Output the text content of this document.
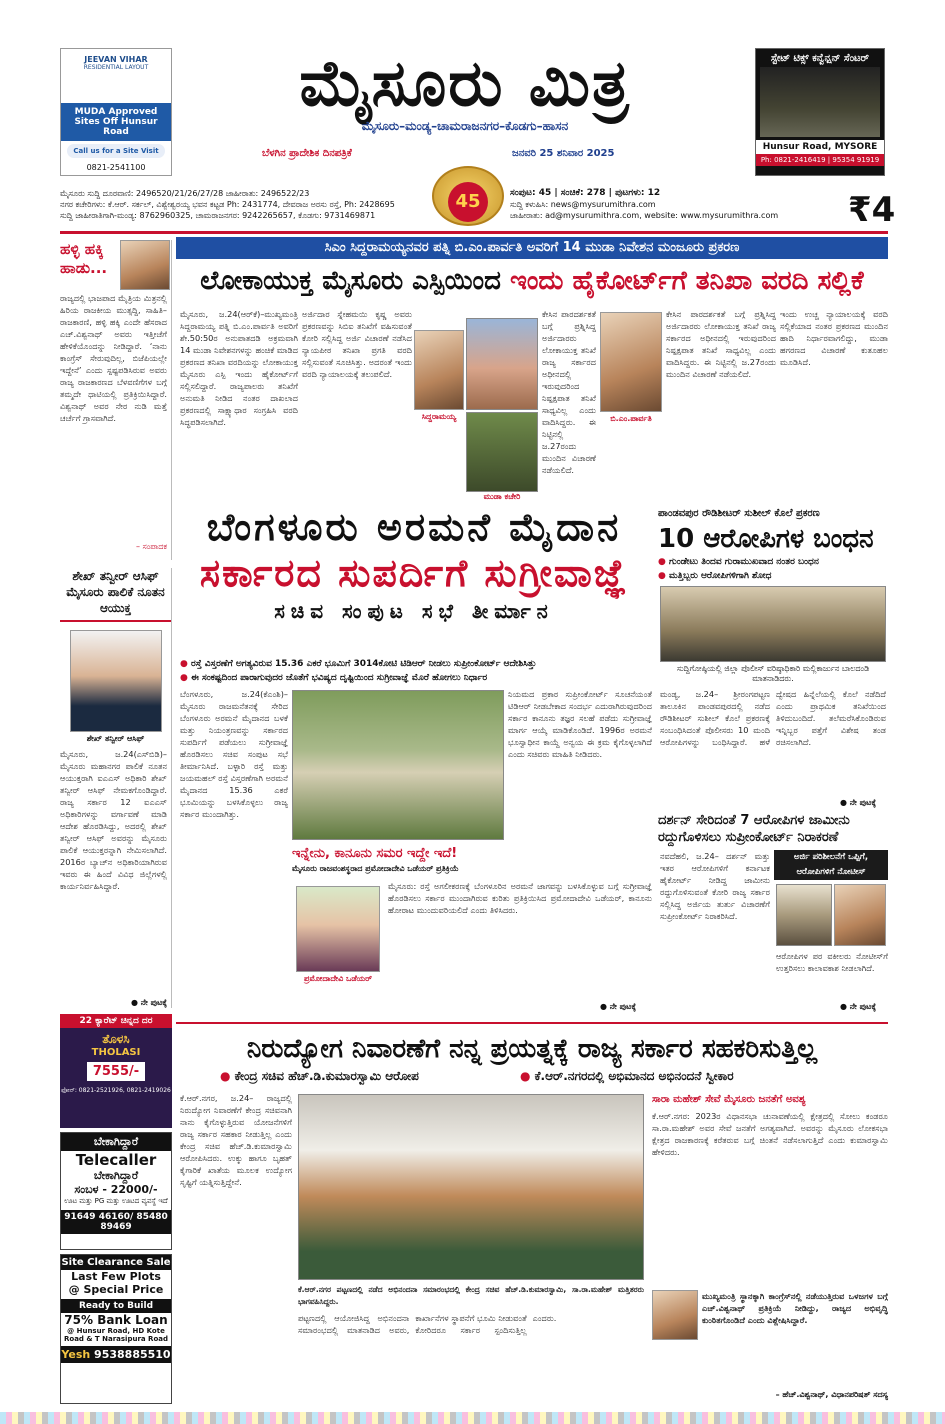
JEEVAN VIHAR
RESIDENTIAL LAYOUT
MUDA Approved Sites Off Hunsur Road
Call us for a Site Visit
0821-2541100
ಮೈಸೂರು ಮಿತ್ರ
ಮೈಸೂರು–ಮಂಡ್ಯ–ಚಾಮರಾಜನಗರ–ಕೊಡಗು–ಹಾಸನ
ಬೆಳಗಿನ ಪ್ರಾದೇಶಿಕ ದಿನಪತ್ರಿಕೆ	ಜನವರಿ 25 ಶನಿವಾರ 2025
ಸ್ಟೇಟ್ ಟಿಕ್ಸ್ ಕನ್ವೆನ್ಷನ್ ಸೆಂಟರ್
Hunsur Road, MYSORE
Ph: 0821-2416419 | 95354 91919
45
ಮೈಸೂರು ಸುದ್ದಿ ದೂರವಾಣಿ: 2496520/21/26/27/28 ಜಾಹೀರಾತು: 2496522/23
ನಗರ ಕಚೇರಿಗಳು: ಕೆ.ಆರ್. ಸರ್ಕಲ್, ವಿಶ್ವೇಶ್ವರಯ್ಯ ಭವನ ಕಟ್ಟಡ Ph: 2431774, ದೇವರಾಜ ಅರಸು ರಸ್ತೆ, Ph: 2428695
ಸುದ್ದಿ ಜಾಹೀರಾತಿಗಾಗಿ-ಮಂಡ್ಯ: 8762960325, ಚಾಮರಾಜನಗರ: 9242265657, ಕೊಡಗು: 9731469871
ಸಂಪುಟ: 45 | ಸಂಚಿಕೆ: 278 | ಪುಟಗಳು: 12
ಸುದ್ದಿ ಕಳುಹಿಸಿ: news@mysurumithra.com
ಜಾಹೀರಾತು: ad@mysurumithra.com, website: www.mysurumithra.com	₹4
ಸಿಎಂ ಸಿದ್ದರಾಮಯ್ಯನವರ ಪತ್ನಿ ಬಿ.ಎಂ.ಪಾರ್ವತಿ ಅವರಿಗೆ 14 ಮುಡಾ ನಿವೇಶನ ಮಂಜೂರು ಪ್ರಕರಣ
ಲೋಕಾಯುಕ್ತ ಮೈಸೂರು ಎಸ್ಪಿಯಿಂದ ಇಂದು ಹೈಕೋರ್ಟ್‌ಗೆ ತನಿಖಾ ವರದಿ ಸಲ್ಲಿಕೆ
ಮೈಸೂರು, ಜ.24(ಆರ್‌ಕೆ)–ಮುಖ್ಯಮಂತ್ರಿ ಸಿದ್ದರಾಮಯ್ಯ ಪತ್ನಿ ಬಿ.ಎಂ.ಪಾರ್ವತಿ ಅವರಿಗೆ ಶೇ.50:50ರ ಅನುಪಾತದಡಿ ಅಕ್ರಮವಾಗಿ 14 ಮುಡಾ ನಿವೇಶನಗಳನ್ನು ಹಂಚಿಕೆ ಮಾಡಿದ ಪ್ರಕರಣದ ತನಿಖಾ ವರದಿಯನ್ನು ಲೋಕಾಯುಕ್ತ ಮೈಸೂರು ಎಸ್ಪಿ ಇಂದು ಹೈಕೋರ್ಟ್‌ಗೆ ಸಲ್ಲಿಸಲಿದ್ದಾರೆ. ರಾಜ್ಯಪಾಲರು ತನಿಖೆಗೆ ಅನುಮತಿ ನೀಡಿದ ನಂತರ ದಾಖಲಾದ ಪ್ರಕರಣದಲ್ಲಿ ಸಾಕ್ಷ್ಯಾಧಾರ ಸಂಗ್ರಹಿಸಿ ವರದಿ ಸಿದ್ಧಪಡಿಸಲಾಗಿದೆ.
ಅರ್ಜಿದಾರ ಸ್ನೇಹಮಯಿ ಕೃಷ್ಣ ಅವರು ಪ್ರಕರಣವನ್ನು ಸಿಬಿಐ ತನಿಖೆಗೆ ವಹಿಸುವಂತೆ ಕೋರಿ ಸಲ್ಲಿಸಿದ್ದ ಅರ್ಜಿ ವಿಚಾರಣೆ ನಡೆಸಿದ ನ್ಯಾಯಪೀಠ ತನಿಖಾ ಪ್ರಗತಿ ವರದಿ ಸಲ್ಲಿಸುವಂತೆ ಸೂಚಿಸಿತ್ತು. ಅದರಂತೆ ಇಂದು ವರದಿ ನ್ಯಾಯಾಲಯಕ್ಕೆ ತಲುಪಲಿದೆ.
ಸಿದ್ದರಾಮಯ್ಯ
ಮುಡಾ ಕಚೇರಿ
ಬಿ.ಎಂ.ಪಾರ್ವತಿ
ಕೇಸಿನ ಪಾರದರ್ಶಕತೆ ಬಗ್ಗೆ ಪ್ರಶ್ನಿಸಿದ್ದ ಅರ್ಜಿದಾರರು ಲೋಕಾಯುಕ್ತ ತನಿಖೆ ರಾಜ್ಯ ಸರ್ಕಾರದ ಅಧೀನದಲ್ಲಿ ಇರುವುದರಿಂದ ನಿಷ್ಪಕ್ಷಪಾತ ತನಿಖೆ ಸಾಧ್ಯವಿಲ್ಲ ಎಂದು ವಾದಿಸಿದ್ದರು. ಈ ನಿಟ್ಟಿನಲ್ಲಿ ಜ.27ರಂದು ಮುಂದಿನ ವಿಚಾರಣೆ ನಡೆಯಲಿದೆ.
ಕೇಸಿನ ಪಾರದರ್ಶಕತೆ ಬಗ್ಗೆ ಪ್ರಶ್ನಿಸಿದ್ದ ಅರ್ಜಿದಾರರು ಲೋಕಾಯುಕ್ತ ತನಿಖೆ ರಾಜ್ಯ ಸರ್ಕಾರದ ಅಧೀನದಲ್ಲಿ ಇರುವುದರಿಂದ ನಿಷ್ಪಕ್ಷಪಾತ ತನಿಖೆ ಸಾಧ್ಯವಿಲ್ಲ ಎಂದು ವಾದಿಸಿದ್ದರು. ಈ ನಿಟ್ಟಿನಲ್ಲಿ ಜ.27ರಂದು ಮುಂದಿನ ವಿಚಾರಣೆ ನಡೆಯಲಿದೆ.
ಇಂದು ಉಚ್ಚ ನ್ಯಾಯಾಲಯಕ್ಕೆ ವರದಿ ಸಲ್ಲಿಕೆಯಾದ ನಂತರ ಪ್ರಕರಣದ ಮುಂದಿನ ಹಾದಿ ನಿರ್ಧಾರವಾಗಲಿದ್ದು, ಮುಡಾ ಹಗರಣದ ವಿಚಾರಣೆ ಕುತೂಹಲ ಮೂಡಿಸಿದೆ.
ಹಳ್ಳಿ ಹಕ್ಕಿ ಹಾಡು...
ರಾಜ್ಯದಲ್ಲಿ ಭಾಜಪಾದ ಮೈತ್ರಿಯ ಮಿತ್ರನಲ್ಲಿ ಹಿರಿಯ ರಾಜಕೀಯ ಮುತ್ಸದ್ದಿ, ಸಾಹಿತಿ–ರಾಜಕಾರಣಿ, ಹಳ್ಳಿ ಹಕ್ಕಿ ಎಂದೇ ಹೆಸರಾದ ಎಚ್.ವಿಶ್ವನಾಥ್ ಅವರು ಇತ್ತೀಚೆಗೆ ಹೇಳಿಕೆಯೊಂದನ್ನು ನೀಡಿದ್ದಾರೆ. ‘ನಾನು ಕಾಂಗ್ರೆಸ್ ಸೇರುವುದಿಲ್ಲ, ಬಿಜೆಪಿಯಲ್ಲೇ ಇದ್ದೇನೆ’ ಎಂದು ಸ್ಪಷ್ಟಪಡಿಸಿರುವ ಅವರು ರಾಜ್ಯ ರಾಜಕಾರಣದ ಬೆಳವಣಿಗೆಗಳ ಬಗ್ಗೆ ತಮ್ಮದೇ ಧಾಟಿಯಲ್ಲಿ ಪ್ರತಿಕ್ರಿಯಿಸಿದ್ದಾರೆ. ವಿಶ್ವನಾಥ್ ಅವರ ನೇರ ನುಡಿ ಮತ್ತೆ ಚರ್ಚೆಗೆ ಗ್ರಾಸವಾಗಿದೆ.
– ಸಂಪಾದಕ
ಶೇಖ್ ತನ್ವೀರ್ ಆಸಿಫ್ ಮೈಸೂರು ಪಾಲಿಕೆ ನೂತನ ಆಯುಕ್ತ
ಶೇಖ್ ತನ್ವೀರ್ ಆಸಿಫ್
ಮೈಸೂರು, ಜ.24(ಎಸ್‌ಬಿಡಿ)–ಮೈಸೂರು ಮಹಾನಗರ ಪಾಲಿಕೆ ನೂತನ ಆಯುಕ್ತರಾಗಿ ಐಎಎಸ್ ಅಧಿಕಾರಿ ಶೇಖ್ ತನ್ವೀರ್ ಆಸಿಫ್ ನೇಮಕಗೊಂಡಿದ್ದಾರೆ. ರಾಜ್ಯ ಸರ್ಕಾರ 12 ಐಎಎಸ್ ಅಧಿಕಾರಿಗಳನ್ನು ವರ್ಗಾವಣೆ ಮಾಡಿ ಆದೇಶ ಹೊರಡಿಸಿದ್ದು, ಅದರಲ್ಲಿ ಶೇಖ್ ತನ್ವೀರ್ ಆಸಿಫ್ ಅವರನ್ನು ಮೈಸೂರು ಪಾಲಿಕೆ ಆಯುಕ್ತರನ್ನಾಗಿ ನೇಮಿಸಲಾಗಿದೆ. 2016ರ ಬ್ಯಾಚ್‌ನ ಅಧಿಕಾರಿಯಾಗಿರುವ ಇವರು ಈ ಹಿಂದೆ ವಿವಿಧ ಜಿಲ್ಲೆಗಳಲ್ಲಿ ಕಾರ್ಯನಿರ್ವಹಿಸಿದ್ದಾರೆ.
● ನೇ ಪುಟಕ್ಕೆ
22 ಕ್ಯಾರೆಟ್ ಚಿನ್ನದ ದರ
ತೊಳಸಿ
THOLASI
7555/-
ಫೋನ್: 0821-2521926, 0821-2419026
ಬೇಕಾಗಿದ್ದಾರೆ
Telecaller
ಬೇಕಾಗಿದ್ದಾರೆ
ಸಂಬಳ - 22000/-
ಊಟ ಮತ್ತು PG ಮತ್ತು ಊಟದ ವ್ಯವಸ್ಥೆ ಇದೆ
91649 46160/ 85480 89469
Site Clearance Sale
Last Few Plots
@ Special Price
Ready to Build
75% Bank Loan
@ Hunsur Road, HD Kote Road & T Narasipura Road
Yesh 9538885510
ಬೆಂಗಳೂರು ಅರಮನೆ ಮೈದಾನ
ಸರ್ಕಾರದ ಸುಪರ್ದಿಗೆ ಸುಗ್ರೀವಾಜ್ಞೆ
ಸಚಿವ ಸಂಪುಟ ಸಭೆ ತೀರ್ಮಾನ
● ರಸ್ತೆ ವಿಸ್ತರಣೆಗೆ ಅಗತ್ಯವಿರುವ 15.36 ಎಕರೆ ಭೂಮಿಗೆ 3014ಕೋಟಿ ಟಿಡಿಆರ್ ನೀಡಲು ಸುಪ್ರೀಂಕೋರ್ಟ್ ಆದೇಶಿಸಿತ್ತು
● ಈ ಸಂಕಷ್ಟದಿಂದ ಪಾರಾಗುವುದರ ಜೊತೆಗೆ ಭವಿಷ್ಯದ ದೃಷ್ಟಿಯಿಂದ ಸುಗ್ರೀವಾಜ್ಞೆ ಮೊರೆ ಹೋಗಲು ನಿರ್ಧಾರ
ಬೆಂಗಳೂರು, ಜ.24(ಕೆಎಂಶಿ)– ಮೈಸೂರು ರಾಜಮನೆತನಕ್ಕೆ ಸೇರಿದ ಬೆಂಗಳೂರು ಅರಮನೆ ಮೈದಾನದ ಬಳಕೆ ಮತ್ತು ನಿಯಂತ್ರಣವನ್ನು ಸರ್ಕಾರದ ಸುಪರ್ದಿಗೆ ಪಡೆಯಲು ಸುಗ್ರೀವಾಜ್ಞೆ ಹೊರಡಿಸಲು ಸಚಿವ ಸಂಪುಟ ಸಭೆ ತೀರ್ಮಾನಿಸಿದೆ. ಬಳ್ಳಾರಿ ರಸ್ತೆ ಮತ್ತು ಜಯಮಹಲ್ ರಸ್ತೆ ವಿಸ್ತರಣೆಗಾಗಿ ಅರಮನೆ ಮೈದಾನದ 15.36 ಎಕರೆ ಭೂಮಿಯನ್ನು ಬಳಸಿಕೊಳ್ಳಲು ರಾಜ್ಯ ಸರ್ಕಾರ ಮುಂದಾಗಿತ್ತು.
ನಿಯಮದ ಪ್ರಕಾರ ಸುಪ್ರೀಂಕೋರ್ಟ್ ಸೂಚನೆಯಂತೆ ಟಿಡಿಆರ್ ನೀಡಬೇಕಾದ ಸಂದರ್ಭ ಎದುರಾಗಿರುವುದರಿಂದ ಸರ್ಕಾರ ಕಾನೂನು ತಜ್ಞರ ಸಲಹೆ ಪಡೆದು ಸುಗ್ರೀವಾಜ್ಞೆ ಮಾರ್ಗ ಆಯ್ಕೆ ಮಾಡಿಕೊಂಡಿದೆ. 1996ರ ಅರಮನೆ ಭೂಸ್ವಾಧೀನ ಕಾಯ್ದೆ ಅನ್ವಯ ಈ ಕ್ರಮ ಕೈಗೊಳ್ಳಲಾಗಿದೆ ಎಂದು ಸಚಿವರು ಮಾಹಿತಿ ನೀಡಿದರು.
ಇನ್ನೇನು, ಕಾನೂನು ಸಮರ ಇದ್ದೇ ಇದೆ!
ಮೈಸೂರು ರಾಜವಂಶಸ್ಥರಾದ ಪ್ರಮೋದಾದೇವಿ ಒಡೆಯರ್ ಪ್ರತಿಕ್ರಿಯೆ
ಪ್ರಮೋದಾದೇವಿ ಒಡೆಯರ್
ಮೈಸೂರು: ರಸ್ತೆ ಅಗಲೀಕರಣಕ್ಕೆ ಬೆಂಗಳೂರಿನ ಅರಮನೆ ಜಾಗವನ್ನು ಬಳಸಿಕೊಳ್ಳುವ ಬಗ್ಗೆ ಸುಗ್ರೀವಾಜ್ಞೆ ಹೊರಡಿಸಲು ಸರ್ಕಾರ ಮುಂದಾಗಿರುವ ಕುರಿತು ಪ್ರತಿಕ್ರಿಯಿಸಿದ ಪ್ರಮೋದಾದೇವಿ ಒಡೆಯರ್, ಕಾನೂನು ಹೋರಾಟ ಮುಂದುವರಿಯಲಿದೆ ಎಂದು ತಿಳಿಸಿದರು.
● ನೇ ಪುಟಕ್ಕೆ
ಪಾಂಡವಪುರ ರೌಡಿಶೀಟರ್ ಸುಶೀಲ್ ಕೊಲೆ ಪ್ರಕರಣ
10 ಆರೋಪಿಗಳ ಬಂಧನ
● ಗುಂಡೇಟು ತಿಂದವ ಗುರಾಮುಖವಾದ ನಂತರ ಬಂಧನ
● ಮತ್ತಿಬ್ಬರು ಆರೋಪಿಗಳಿಗಾಗಿ ಶೋಧ
ಸುದ್ದಿಗೋಷ್ಠಿಯಲ್ಲಿ ಜಿಲ್ಲಾ ಪೊಲೀಸ್ ವರಿಷ್ಠಾಧಿಕಾರಿ ಮಲ್ಲಿಕಾರ್ಜುನ ಬಾಲದಂಡಿ ಮಾತನಾಡಿದರು.
ಮಂಡ್ಯ, ಜ.24– ಶ್ರೀರಂಗಪಟ್ಟಣ ತಾಲೂಕಿನ ಪಾಂಡವಪುರದಲ್ಲಿ ನಡೆದ ರೌಡಿಶೀಟರ್ ಸುಶೀಲ್ ಕೊಲೆ ಪ್ರಕರಣಕ್ಕೆ ಸಂಬಂಧಿಸಿದಂತೆ ಪೊಲೀಸರು 10 ಮಂದಿ ಆರೋಪಿಗಳನ್ನು ಬಂಧಿಸಿದ್ದಾರೆ. ಹಳೆ ದ್ವೇಷದ ಹಿನ್ನೆಲೆಯಲ್ಲಿ ಕೊಲೆ ನಡೆದಿದೆ ಎಂದು ಪ್ರಾಥಮಿಕ ತನಿಖೆಯಿಂದ ತಿಳಿದುಬಂದಿದೆ. ತಲೆಮರೆಸಿಕೊಂಡಿರುವ ಇನ್ನಿಬ್ಬರ ಪತ್ತೆಗೆ ವಿಶೇಷ ತಂಡ ರಚಿಸಲಾಗಿದೆ.
● ನೇ ಪುಟಕ್ಕೆ
ದರ್ಶನ್ ಸೇರಿದಂತೆ 7 ಆರೋಪಿಗಳ ಜಾಮೀನು ರದ್ದುಗೊಳಿಸಲು ಸುಪ್ರೀಂಕೋರ್ಟ್ ನಿರಾಕರಣೆ
ನವದೆಹಲಿ, ಜ.24– ದರ್ಶನ್ ಮತ್ತು ಇತರ ಆರೋಪಿಗಳಿಗೆ ಕರ್ನಾಟಕ ಹೈಕೋರ್ಟ್ ನೀಡಿದ್ದ ಜಾಮೀನು ರದ್ದುಗೊಳಿಸುವಂತೆ ಕೋರಿ ರಾಜ್ಯ ಸರ್ಕಾರ ಸಲ್ಲಿಸಿದ್ದ ಅರ್ಜಿಯ ತುರ್ತು ವಿಚಾರಣೆಗೆ ಸುಪ್ರೀಂಕೋರ್ಟ್ ನಿರಾಕರಿಸಿದೆ.
ಅರ್ಜಿ ಪರಿಶೀಲನೆಗೆ ಒಪ್ಪಿಗೆ, ಆರೋಪಿಗಳಿಗೆ ನೋಟೀಸ್
ಆರೋಪಿಗಳ ಪರ ವಕೀಲರು ನೋಟೀಸ್‌ಗೆ ಉತ್ತರಿಸಲು ಕಾಲಾವಕಾಶ ನೀಡಲಾಗಿದೆ.
● ನೇ ಪುಟಕ್ಕೆ
ನಿರುದ್ಯೋಗ ನಿವಾರಣೆಗೆ ನನ್ನ ಪ್ರಯತ್ನಕ್ಕೆ ರಾಜ್ಯ ಸರ್ಕಾರ ಸಹಕರಿಸುತ್ತಿಲ್ಲ
● ಕೇಂದ್ರ ಸಚಿವ ಹೆಚ್.ಡಿ.ಕುಮಾರಸ್ವಾಮಿ ಆರೋಪ
●	ಕೆ.ಆರ್.ನಗರದಲ್ಲಿ ಅಭಿಮಾನದ ಅಭಿನಂದನೆ ಸ್ವೀಕಾರ
ಕೆ.ಆರ್.ನಗರ, ಜ.24– ರಾಜ್ಯದಲ್ಲಿ ನಿರುದ್ಯೋಗ ನಿವಾರಣೆಗೆ ಕೇಂದ್ರ ಸಚಿವನಾಗಿ ನಾನು ಕೈಗೊಳ್ಳುತ್ತಿರುವ ಯೋಜನೆಗಳಿಗೆ ರಾಜ್ಯ ಸರ್ಕಾರ ಸಹಕಾರ ನೀಡುತ್ತಿಲ್ಲ ಎಂದು ಕೇಂದ್ರ ಸಚಿವ ಹೆಚ್.ಡಿ.ಕುಮಾರಸ್ವಾಮಿ ಆರೋಪಿಸಿದರು. ಉಕ್ಕು ಹಾಗೂ ಬೃಹತ್ ಕೈಗಾರಿಕೆ ಖಾತೆಯ ಮೂಲಕ ಉದ್ಯೋಗ ಸೃಷ್ಟಿಗೆ ಯತ್ನಿಸುತ್ತಿದ್ದೇನೆ.
ಕೆ.ಆರ್.ನಗರ ಪಟ್ಟಣದಲ್ಲಿ ನಡೆದ ಅಭಿನಂದನಾ ಸಮಾರಂಭದಲ್ಲಿ ಕೇಂದ್ರ ಸಚಿವ ಹೆಚ್.ಡಿ.ಕುಮಾರಸ್ವಾಮಿ, ಸಾ.ರಾ.ಮಹೇಶ್ ಮತ್ತಿತರರು ಭಾಗವಹಿಸಿದ್ದರು.
ಪಟ್ಟಣದಲ್ಲಿ ಆಯೋಜಿಸಿದ್ದ ಅಭಿನಂದನಾ ಸಮಾರಂಭದಲ್ಲಿ ಮಾತನಾಡಿದ ಅವರು, ಕಾರ್ಖಾನೆಗಳ ಸ್ಥಾಪನೆಗೆ ಭೂಮಿ ನೀಡುವಂತೆ ಕೋರಿದರೂ ಸರ್ಕಾರ ಸ್ಪಂದಿಸುತ್ತಿಲ್ಲ ಎಂದರು.
ಸಾರಾ ಮಹೇಶ್ ಸೇವೆ ಮೈಸೂರು ಜನತೆಗೆ ಅವಶ್ಯ
ಕೆ.ಆರ್.ನಗರ: 2023ರ ವಿಧಾನಸಭಾ ಚುನಾವಣೆಯಲ್ಲಿ ಕ್ಷೇತ್ರದಲ್ಲಿ ಸೋಲು ಕಂಡರೂ ಸಾ.ರಾ.ಮಹೇಶ್ ಅವರ ಸೇವೆ ಜನತೆಗೆ ಅಗತ್ಯವಾಗಿದೆ. ಅವರನ್ನು ಮೈಸೂರು ಲೋಕಸಭಾ ಕ್ಷೇತ್ರದ ರಾಜಕಾರಣಕ್ಕೆ ಕರೆತರುವ ಬಗ್ಗೆ ಚಿಂತನೆ ನಡೆಸಲಾಗುತ್ತಿದೆ ಎಂದು ಕುಮಾರಸ್ವಾಮಿ ಹೇಳಿದರು.
ಮುಖ್ಯಮಂತ್ರಿ ಸ್ಥಾನಕ್ಕಾಗಿ ಕಾಂಗ್ರೆಸ್‌ನಲ್ಲಿ ನಡೆಯುತ್ತಿರುವ ಒಳಜಗಳ ಬಗ್ಗೆ ಎಚ್.ವಿಶ್ವನಾಥ್ ಪ್ರತಿಕ್ರಿಯೆ ನೀಡಿದ್ದು, ರಾಜ್ಯದ ಅಭಿವೃದ್ಧಿ ಕುಂಠಿತಗೊಂಡಿದೆ ಎಂದು ವಿಶ್ಲೇಷಿಸಿದ್ದಾರೆ.
– ಹೆಚ್.ವಿಶ್ವನಾಥ್, ವಿಧಾನಪರಿಷತ್ ಸದಸ್ಯ
